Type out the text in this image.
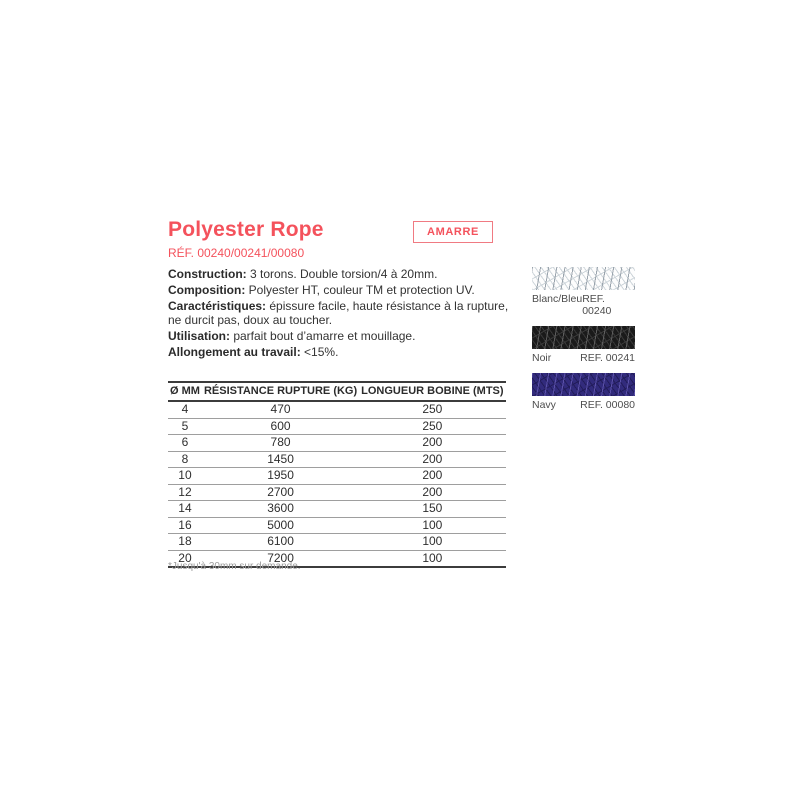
Polyester Rope	AMARRE
RÉF. 00240/00241/00080

Construction: 3 torons. Double torsion/4 à 20mm.

Composition: Polyester HT, couleur TM et protection UV.

Caractéristiques: épissure facile, haute résistance à la rupture, ne durcit pas, doux au toucher.

Utilisation: parfait bout d’amarre et mouillage.

Allongement au travail: <15%.

Blanc/Bleu REF. 00240
Noir	REF. 00241
Navy REF. 00080
Ø MM	RÉSISTANCE RUPTURE (KG)	LONGUEUR BOBINE (MTS)
4	470	250
5	600	250
6	780	200
8	1450	200
10	1950	200
12	2700	200
14	3600	150
16	5000	100
18	6100	100
20	7200	100
*Jusqu'à 30mm sur demande.
